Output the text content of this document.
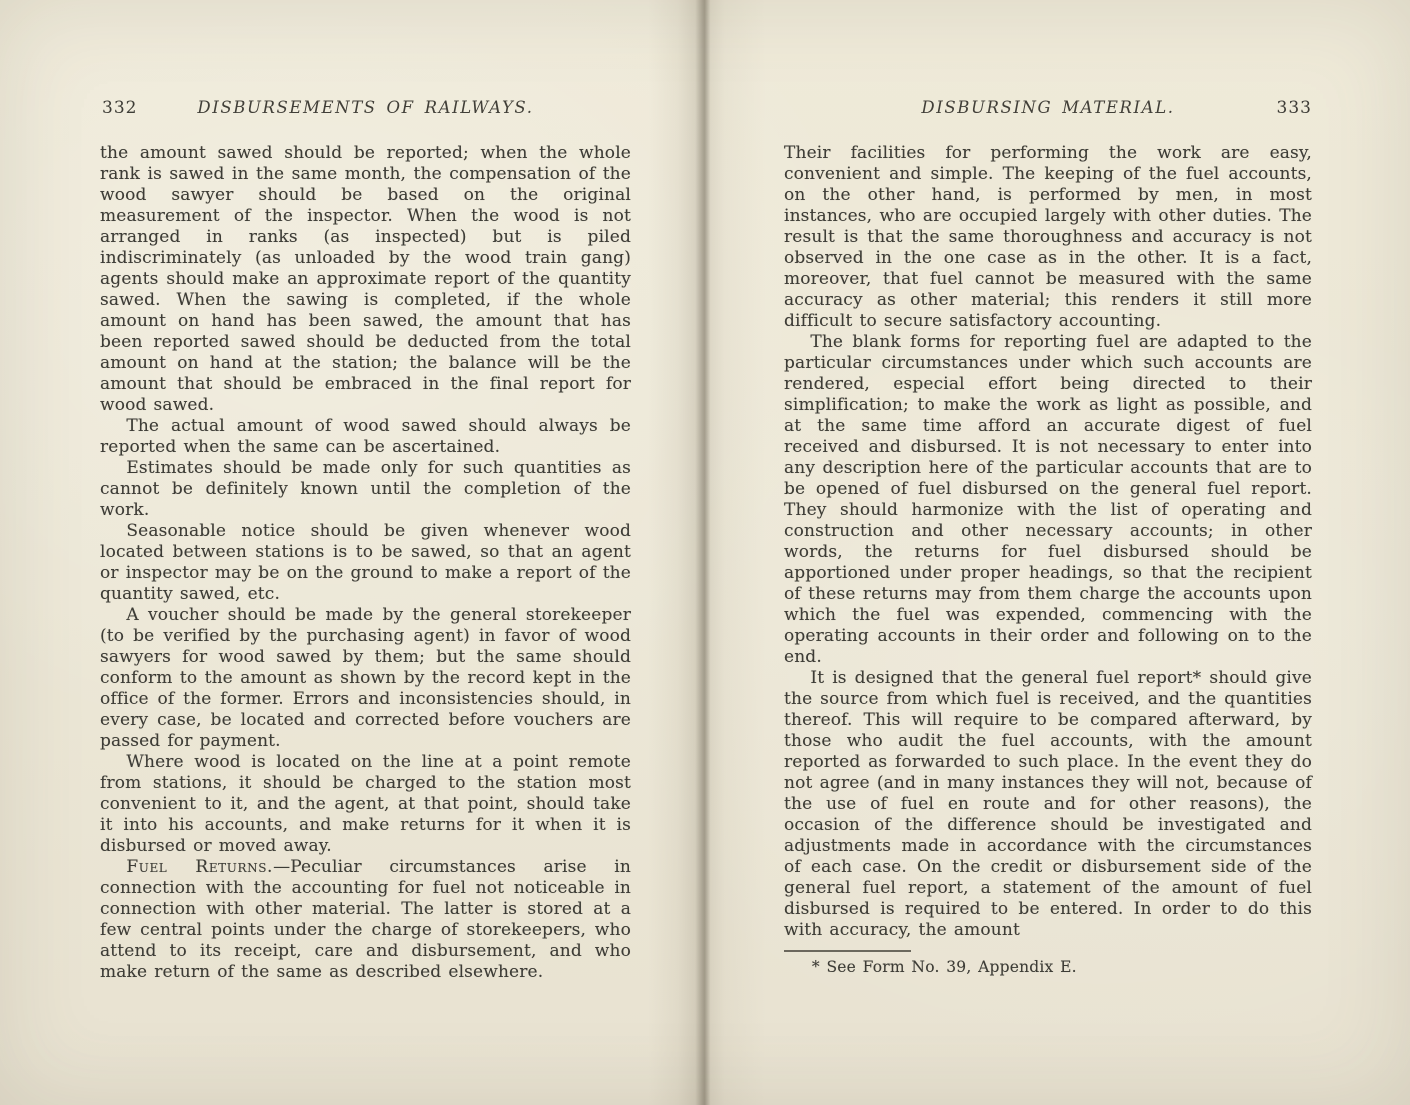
332	DISBURSEMENTS OF RAILWAYS.

the amount sawed should be reported; when the whole rank is sawed in the same month, the compensation of the wood sawyer should be based on the original measurement of the inspector. When the wood is not arranged in ranks (as inspected) but is piled indiscriminately (as unloaded by the wood train gang) agents should make an approximate report of the quantity sawed. When the sawing is completed, if the whole amount on hand has been sawed, the amount that has been reported sawed should be deducted from the total amount on hand at the station; the balance will be the amount that should be embraced in the final report for wood sawed.

The actual amount of wood sawed should always be reported when the same can be ascertained.

Estimates should be made only for such quantities as cannot be definitely known until the completion of the work.

Seasonable notice should be given whenever wood located between stations is to be sawed, so that an agent or inspector may be on the ground to make a report of the quantity sawed, etc.

A voucher should be made by the general storekeeper (to be verified by the purchasing agent) in favor of wood sawyers for wood sawed by them; but the same should conform to the amount as shown by the record kept in the office of the former. Errors and inconsistencies should, in every case, be located and corrected before vouchers are passed for payment.

Where wood is located on the line at a point remote from stations, it should be charged to the station most convenient to it, and the agent, at that point, should take it into his accounts, and make returns for it when it is disbursed or moved away.

Fuel Returns.—Peculiar circumstances arise in connection with the accounting for fuel not noticeable in connection with other material. The latter is stored at a few central points under the charge of storekeepers, who attend to its receipt, care and disbursement, and who make return of the same as described elsewhere.

DISBURSING MATERIAL.	333

Their facilities for performing the work are easy, convenient and simple. The keeping of the fuel accounts, on the other hand, is performed by men, in most instances, who are occupied largely with other duties. The result is that the same thoroughness and accuracy is not observed in the one case as in the other. It is a fact, moreover, that fuel cannot be measured with the same accuracy as other material; this renders it still more difficult to secure satisfactory accounting.

The blank forms for reporting fuel are adapted to the particular circumstances under which such accounts are rendered, especial effort being directed to their simplification; to make the work as light as possible, and at the same time afford an accurate digest of fuel received and disbursed. It is not necessary to enter into any description here of the particular accounts that are to be opened of fuel disbursed on the general fuel report. They should harmonize with the list of operating and construction and other necessary accounts; in other words, the returns for fuel disbursed should be apportioned under proper headings, so that the recipient of these returns may from them charge the accounts upon which the fuel was expended, commencing with the operating accounts in their order and following on to the end.

It is designed that the general fuel report* should give the source from which fuel is received, and the quantities thereof. This will require to be compared afterward, by those who audit the fuel accounts, with the amount reported as forwarded to such place. In the event they do not agree (and in many instances they will not, because of the use of fuel en route and for other reasons), the occasion of the difference should be investigated and adjustments made in accordance with the circumstances of each case. On the credit or disbursement side of the general fuel report, a statement of the amount of fuel disbursed is required to be entered. In order to do this with accuracy, the amount

* See Form No. 39, Appendix E.
